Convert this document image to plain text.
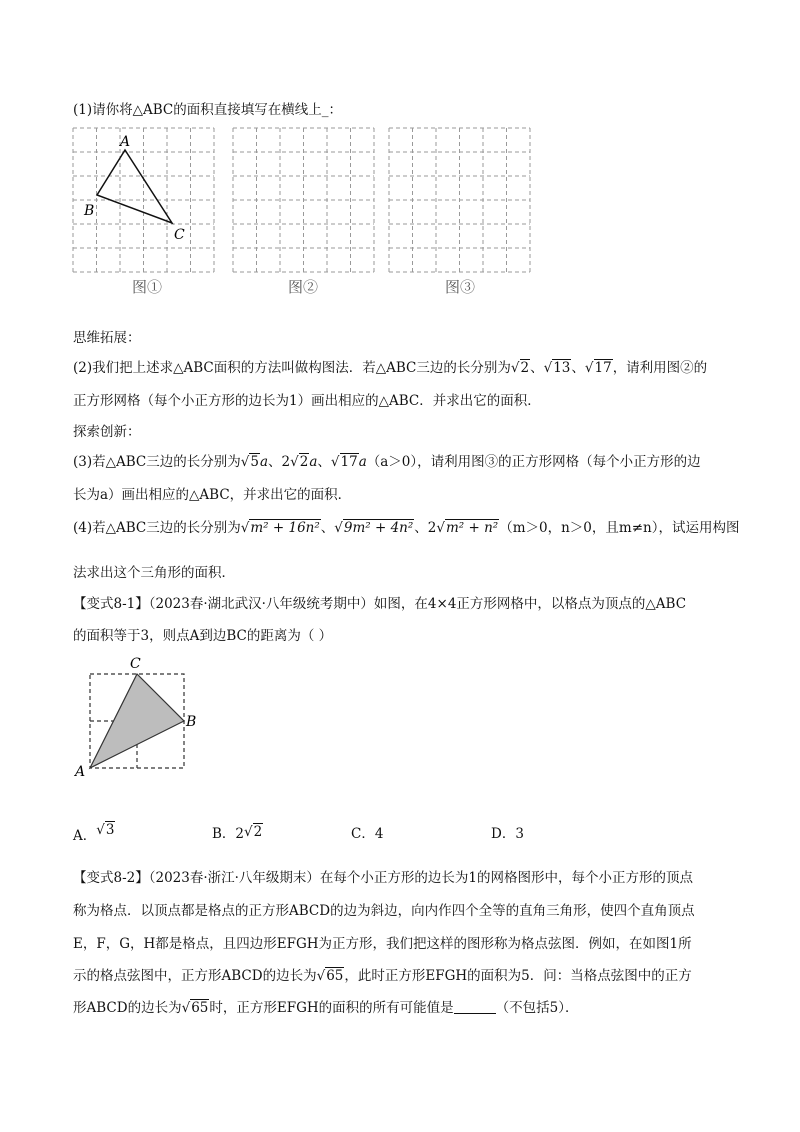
(1)请你将△ABC的面积直接填写在横线上_：
A
B
C
图①	图②	图③
思维拓展：
(2)我们把上述求△ABC面积的方法叫做构图法．若△ABC三边的长分别为√2、√13、√17，请利用图②的
正方形网格（每个小正方形的边长为1）画出相应的△ABC．并求出它的面积．
探索创新：
(3)若△ABC三边的长分别为√5a、2√2a、√17a（a＞0），请利用图③的正方形网格（每个小正方形的边
长为a）画出相应的△ABC，并求出它的面积．
(4)若△ABC三边的长分别为√m² + 16n²、√9m² + 4n²、2√m² + n²（m＞0，n＞0，且m≠n），试运用构图
法求出这个三角形的面积．
【变式8-1】（2023春·湖北武汉·八年级统考期中）如图，在4×4正方形网格中，以格点为顶点的△ABC
的面积等于3，则点A到边BC的距离为（ ）
C
B
A
A．√3	B．2√2	C．4	D．3
【变式8-2】（2023春·浙江·八年级期末）在每个小正方形的边长为1的网格图形中，每个小正方形的顶点
称为格点．以顶点都是格点的正方形ABCD的边为斜边，向内作四个全等的直角三角形，使四个直角顶点
E，F，G，H都是格点，且四边形EFGH为正方形，我们把这样的图形称为格点弦图．例如，在如图1所
示的格点弦图中，正方形ABCD的边长为√65，此时正方形EFGH的面积为5．问：当格点弦图中的正方
形ABCD的边长为√65时，正方形EFGH的面积的所有可能值是	（不包括5）．
